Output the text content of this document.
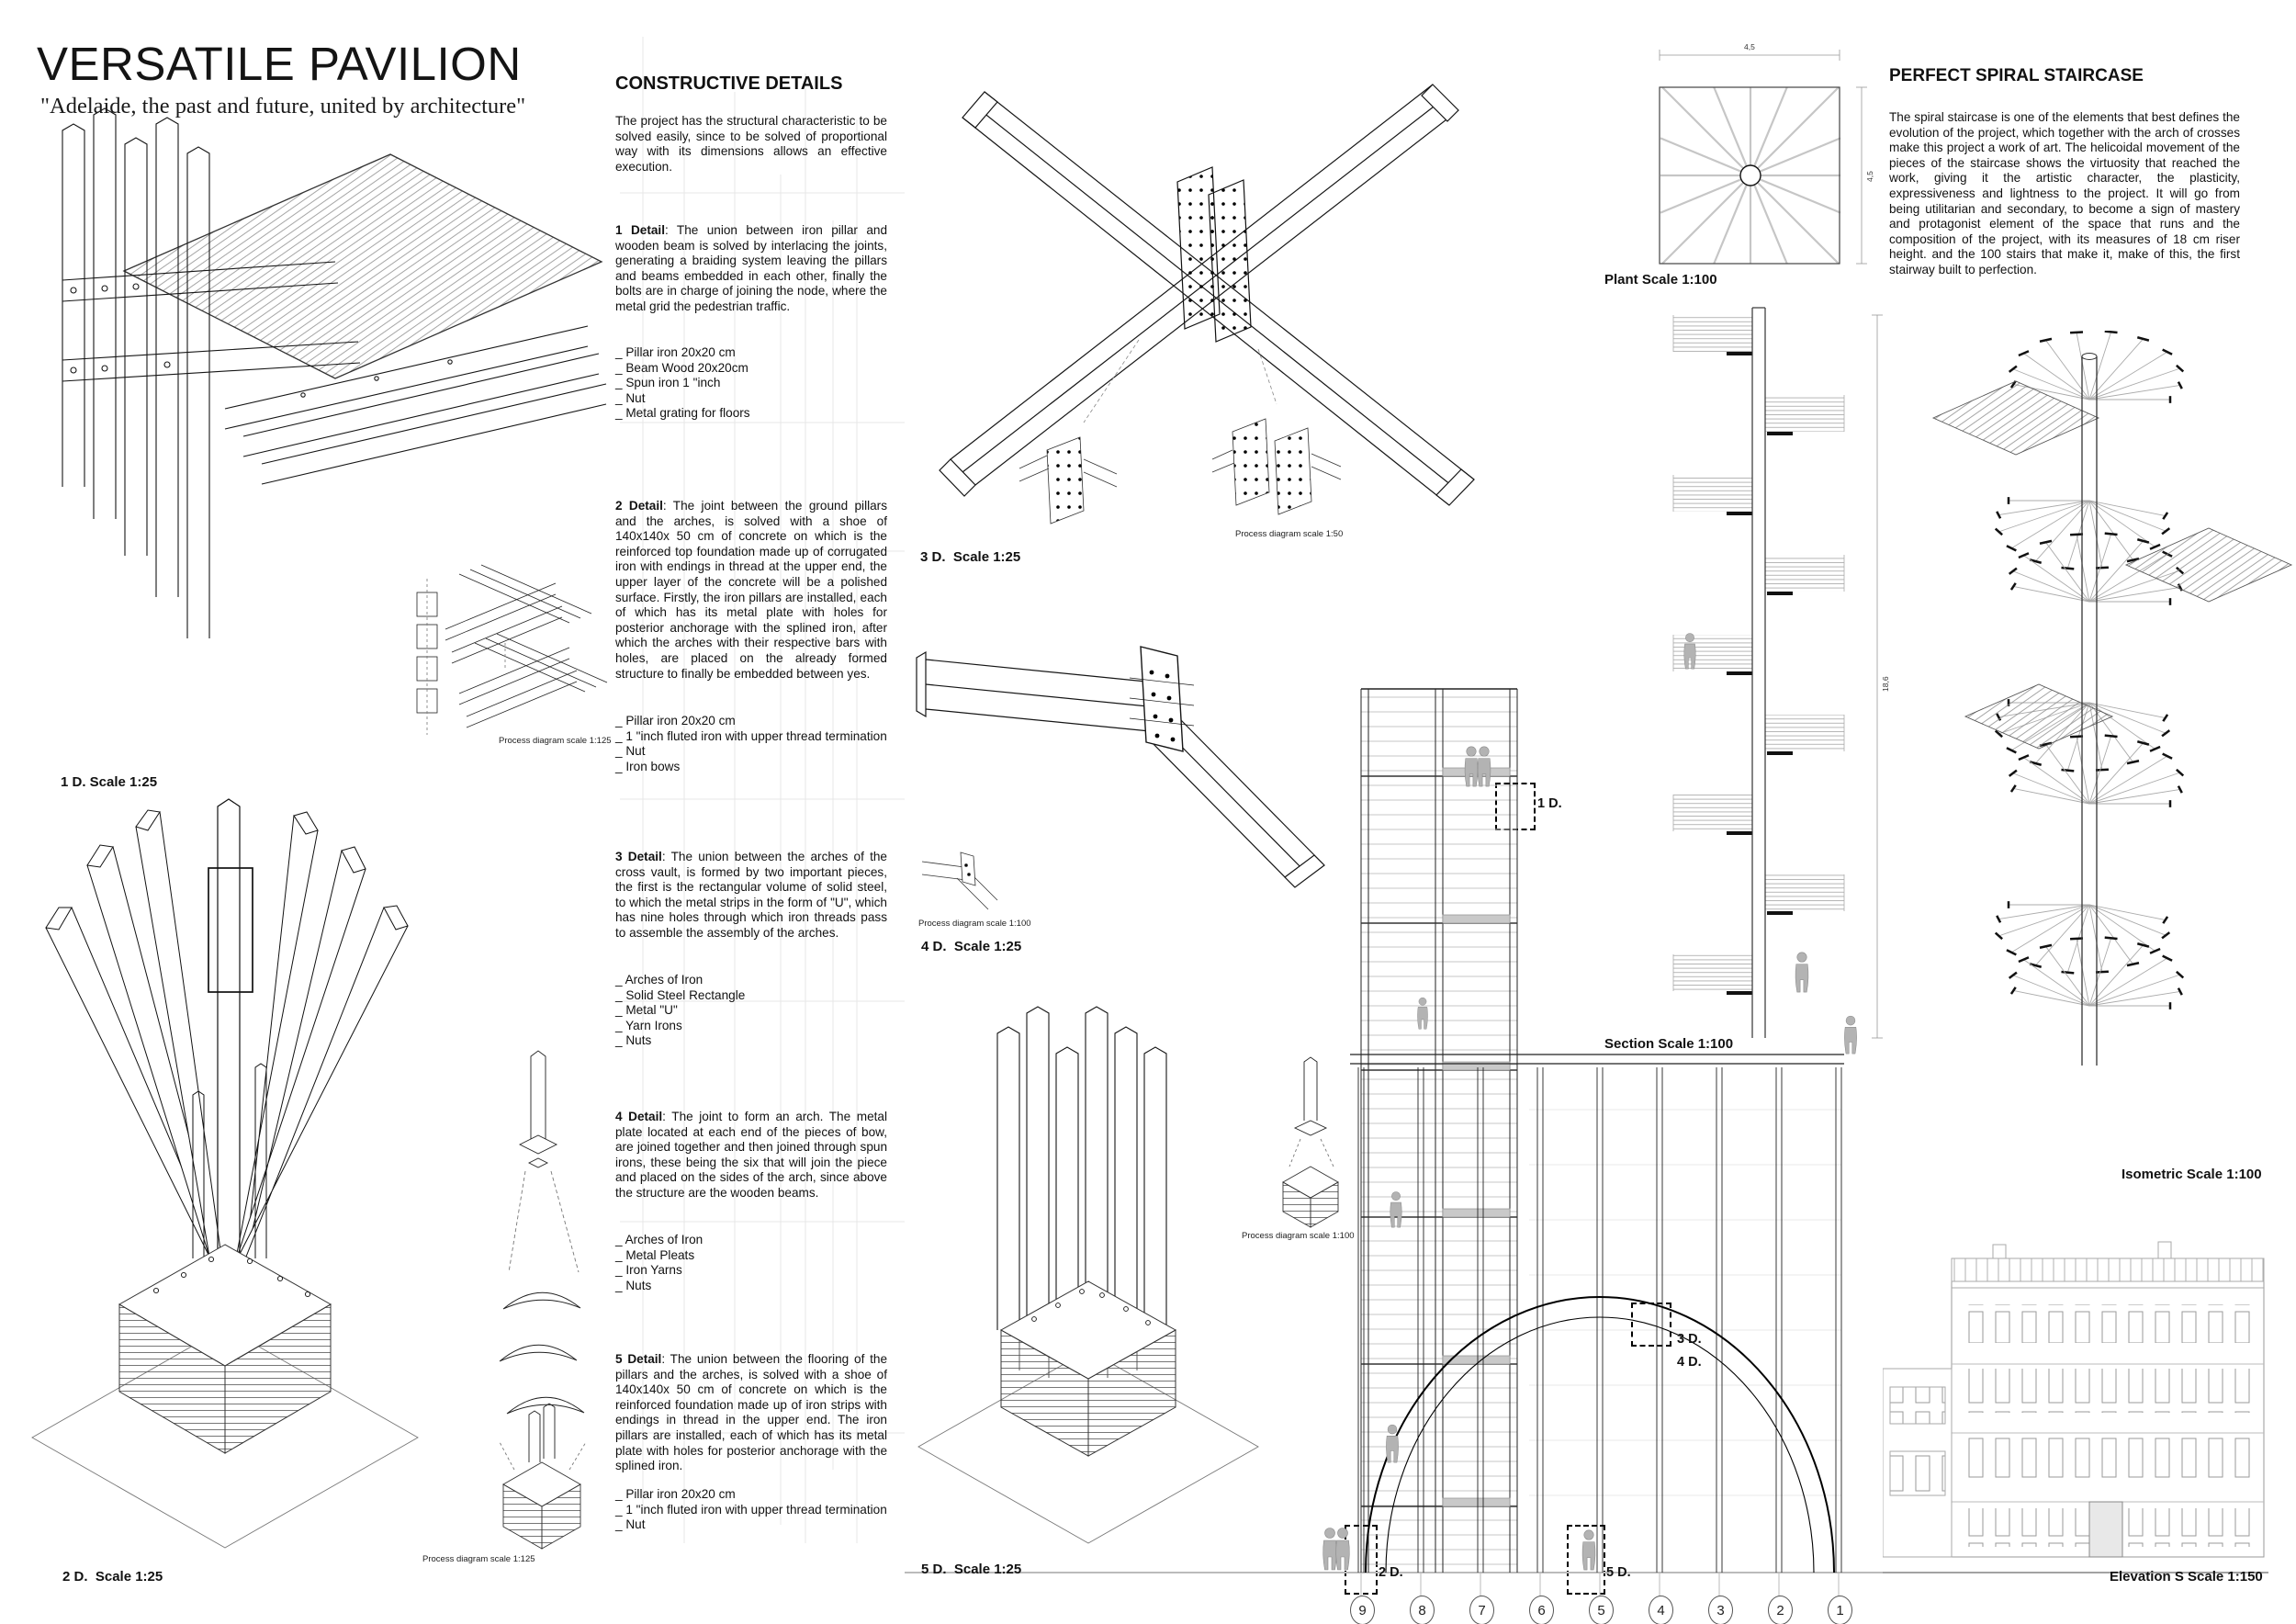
VERSATILE PAVILION
"Adelaide, the past and future, united by architecture"
CONSTRUCTIVE DETAILS

The project has the structural characteristic to be solved easily, since to be solved of proportional way with its dimensions allows an effective execution.

1 Detail: The union between iron pillar and wooden beam is solved by interlacing the joints, generating a braiding system leaving the pillars and beams embedded in each other, finally the bolts are in charge of joining the node, where the metal grid the pedestrian traffic.

_ Pillar iron 20x20 cm
_ Beam Wood 20x20cm
_ Spun iron 1 "inch
_ Nut
_ Metal grating for floors

2 Detail: The joint between the ground pillars and the arches, is solved with a shoe of 140x140x 50 cm of concrete on which is the reinforced top foundation made up of corrugated iron with endings in thread at the upper end, the upper layer of the concrete will be a polished surface. Firstly, the iron pillars are installed, each of which has its metal plate with holes for posterior anchorage with the splined iron, after which the arches with their respective bars with holes, are placed on the already formed structure to finally be embedded between yes.

_ Pillar iron 20x20 cm
_ 1 "inch fluted iron with upper thread termination
_ Nut
_ Iron bows

3 Detail: The union between the arches of the cross vault, is formed by two important pieces, the first is the rectangular volume of solid steel, to which the metal strips in the form of "U", which has nine holes through which iron threads pass to assemble the assembly of the arches.

_ Arches of Iron
_ Solid Steel Rectangle
_ Metal "U"
_ Yarn Irons
_ Nuts

4 Detail: The joint to form an arch. The metal plate located at each end of the pieces of bow, are joined together and then joined through spun irons, these being the six that will join the piece and placed on the sides of the arch, since above the structure are the wooden beams.

_ Arches of Iron
_ Metal Pleats
_ Iron Yarns
_ Nuts

5 Detail: The union between the flooring of the pillars and the arches, is solved with a shoe of 140x140x 50 cm of concrete on which is the reinforced foundation made up of iron strips with endings in thread in the upper end. The iron pillars are installed, each of which has its metal plate with holes for posterior anchorage with the splined iron.

_ Pillar iron 20x20 cm
_ 1 "inch fluted iron with upper thread termination
_ Nut
PERFECT SPIRAL STAIRCASE

The spiral staircase is one of the elements that best defines the evolution of the project, which together with the arch of crosses make this project a work of art. The helicoidal movement of the pieces of the staircase shows the virtuosity that reached the work, giving it the artistic character, the plasticity, expressiveness and lightness to the project. It will go from being utilitarian and secondary, to become a sign of mastery and protagonist element of the space that runs and the composition of the project, with its measures of 18 cm riser height. and the 100 stairs that make it, make of this, the first stairway built to perfection.

1 D. Scale 1:25
Process diagram scale 1:125
2 D.  Scale 1:25
Process diagram scale 1:125
3 D.  Scale 1:25
Process diagram scale 1:50
Process diagram scale 1:100
4 D.  Scale 1:25
Process diagram scale 1:100
5 D.  Scale 1:25
1 D.
3 D.
4 D.
2 D.	5 D.
9	8	7	6	5	4	3	2	1
4,5
4,5
Plant Scale 1:100
18,6
Section Scale 1:100
Isometric Scale 1:100
Elevation S Scale 1:150
